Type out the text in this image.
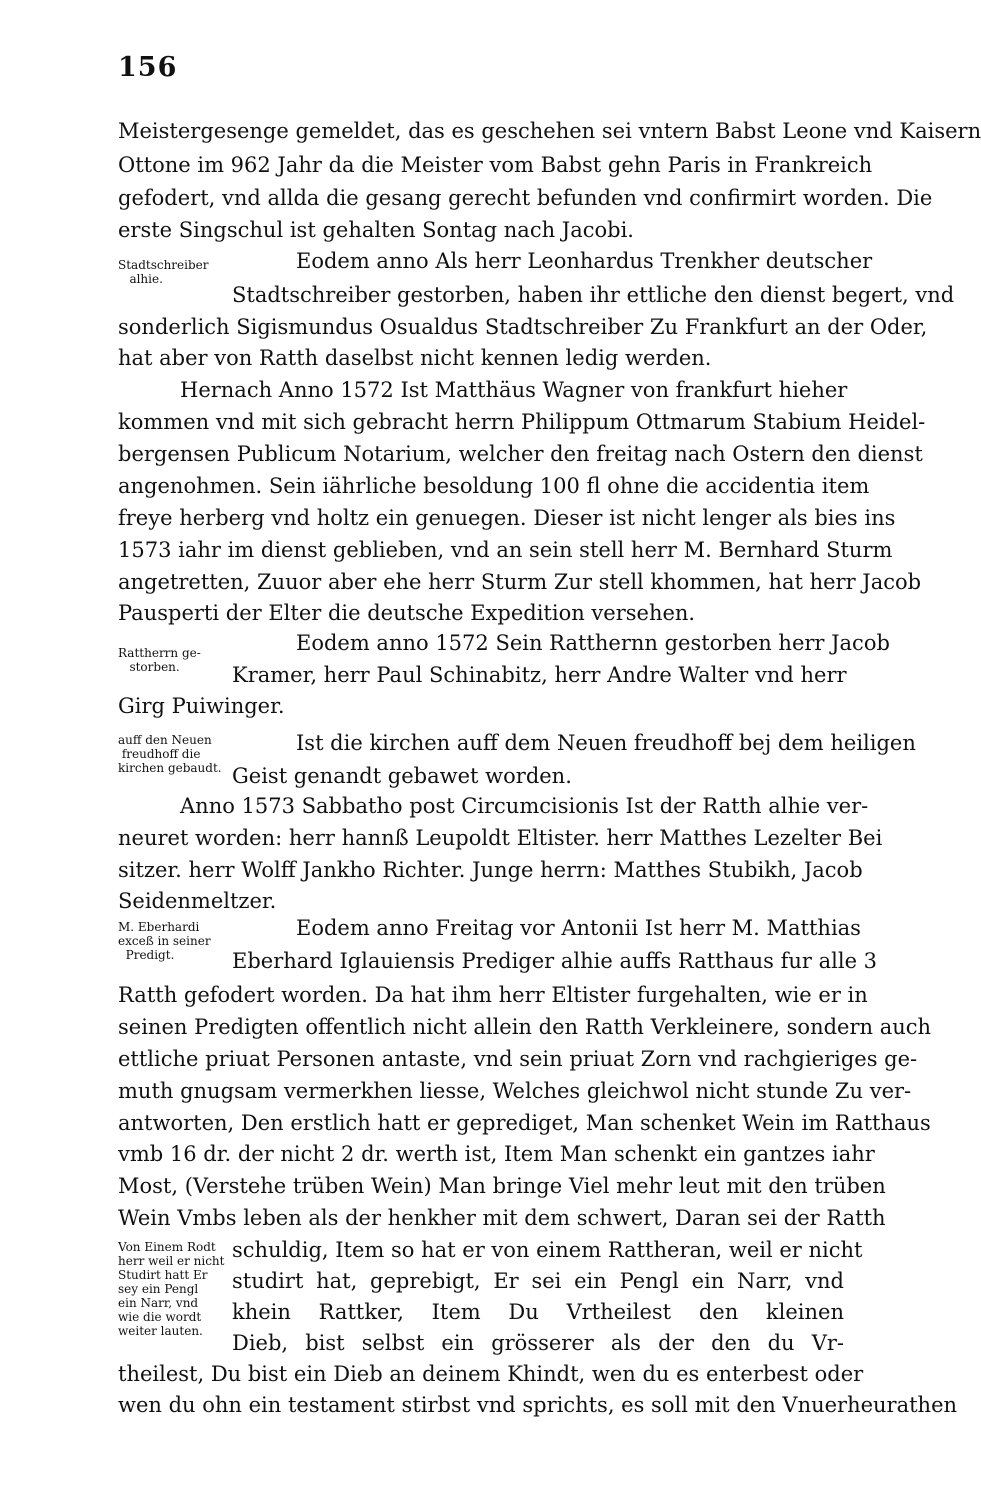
156
Meistergesenge gemeldet, das es geschehen sei vntern Babst Leone vnd Kaisern
Ottone im 962 Jahr da die Meister vom Babst gehn Paris in Frankreich
gefodert, vnd allda die gesang gerecht befunden vnd confirmirt worden. Die
erste Singschul ist gehalten Sontag nach Jacobi.
Stadtschreiber
alhie.
Eodem anno Als herr Leonhardus Trenkher deutscher
Stadtschreiber gestorben, haben ihr ettliche den dienst begert, vnd
sonderlich Sigismundus Osualdus Stadtschreiber Zu Frankfurt an der Oder,
hat aber von Ratth daselbst nicht kennen ledig werden.
Hernach Anno 1572 Ist Matthäus Wagner von frankfurt hieher
kommen vnd mit sich gebracht herrn Philippum Ottmarum Stabium Heidel-
bergensen Publicum Notarium, welcher den freitag nach Ostern den dienst
angenohmen. Sein iährliche besoldung 100 fl ohne die accidentia item
freye herberg vnd holtz ein genuegen. Dieser ist nicht lenger als bies ins
1573 iahr im dienst geblieben, vnd an sein stell herr M. Bernhard Sturm
angetretten, Zuuor aber ehe herr Sturm Zur stell khommen, hat herr Jacob
Pausperti der Elter die deutsche Expedition versehen.
Rattherrn ge-
storben.
Eodem anno 1572 Sein Ratthernn gestorben herr Jacob
Kramer, herr Paul Schinabitz, herr Andre Walter vnd herr
Girg Puiwinger.
auff den Neuen
freudhoff die
kirchen gebaudt.
Ist die kirchen auff dem Neuen freudhoff bej dem heiligen
Geist genandt gebawet worden.
Anno 1573 Sabbatho post Circumcisionis Ist der Ratth alhie ver-
neuret worden: herr hannß Leupoldt Eltister. herr Matthes Lezelter Bei
sitzer. herr Wolff Jankho Richter. Junge herrn: Matthes Stubikh, Jacob
Seidenmeltzer.
M. Eberhardi
exceß in seiner
Predigt.
Eodem anno Freitag vor Antonii Ist herr M. Matthias
Eberhard Iglauiensis Prediger alhie auffs Ratthaus fur alle 3
Ratth gefodert worden. Da hat ihm herr Eltister furgehalten, wie er in
seinen Predigten offentlich nicht allein den Ratth Verkleinere, sondern auch
ettliche priuat Personen antaste, vnd sein priuat Zorn vnd rachgieriges ge-
muth gnugsam vermerkhen liesse, Welches gleichwol nicht stunde Zu ver-
antworten, Den erstlich hatt er geprediget, Man schenket Wein im Ratthaus
vmb 16 dr. der nicht 2 dr. werth ist, Item Man schenkt ein gantzes iahr
Most, (Verstehe trüben Wein) Man bringe Viel mehr leut mit den trüben
Wein Vmbs leben als der henkher mit dem schwert, Daran sei der Ratth
Von Einem Rodt
herr weil er nicht
Studirt hatt Er
sey ein Pengl
ein Narr, vnd
wie die wordt
weiter lauten.
schuldig, Item so hat er von einem Rattheran, weil er nicht
studirt hat, geprebigt, Er sei ein Pengl ein Narr, vnd
khein Rattker, Item Du Vrtheilest den kleinen
Dieb, bist selbst ein grösserer als der den du Vr-
theilest, Du bist ein Dieb an deinem Khindt, wen du es enterbest oder
wen du ohn ein testament stirbst vnd sprichts, es soll mit den Vnuerheurathen
